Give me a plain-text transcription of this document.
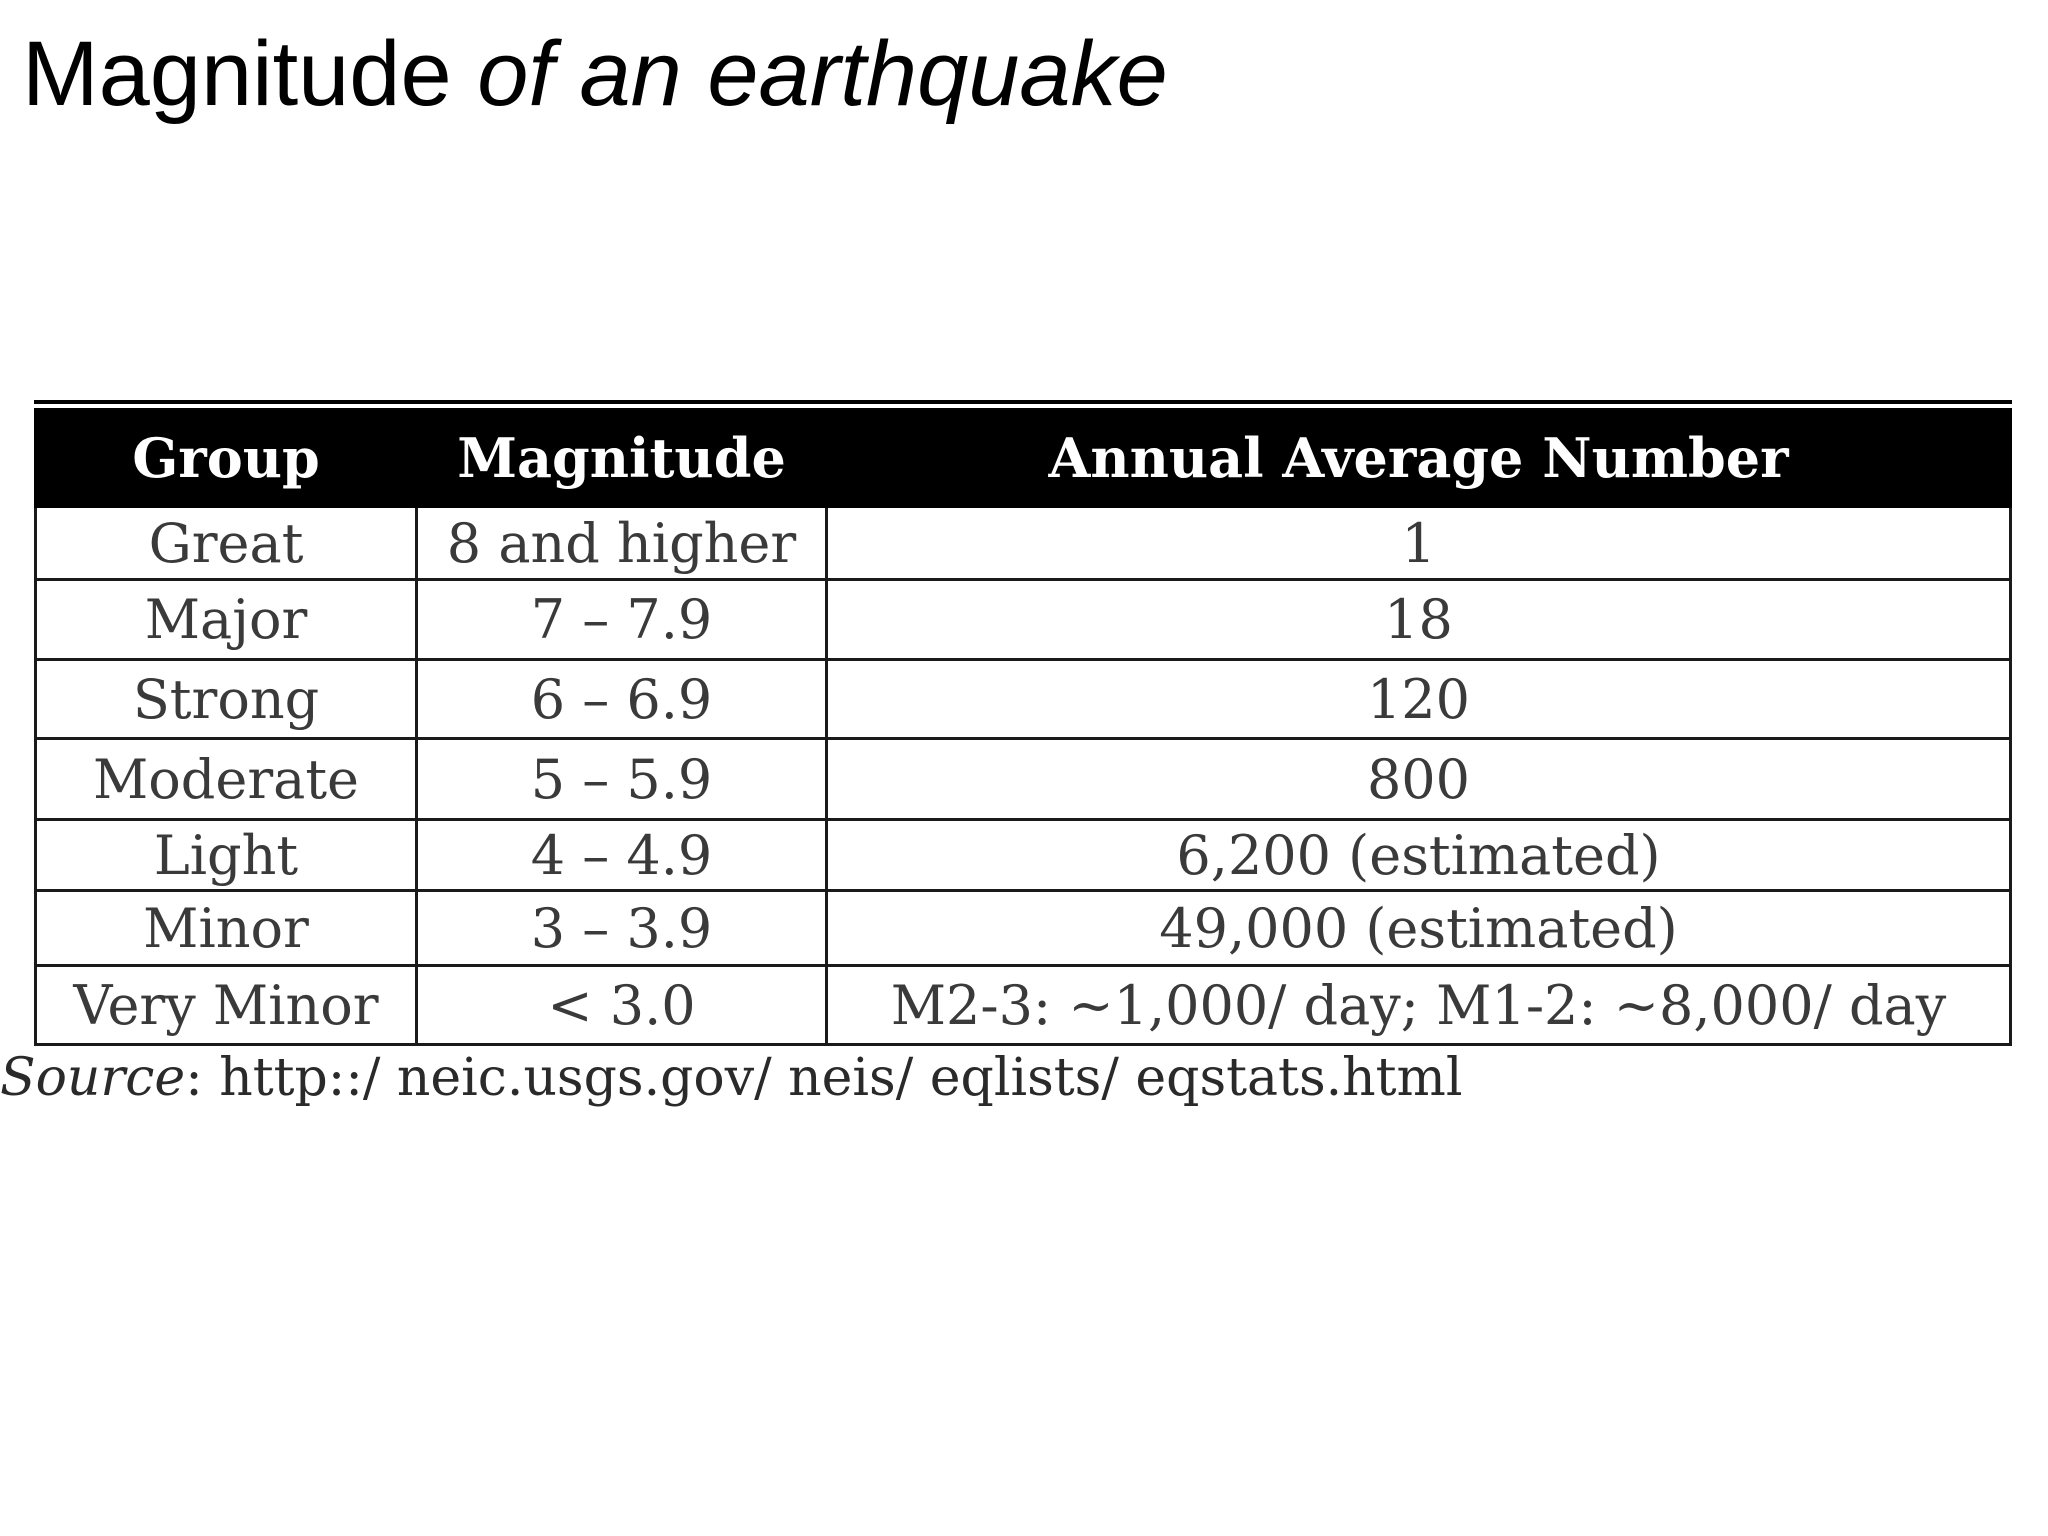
Magnitude of an earthquake
Group	Magnitude	Annual Average Number
Great	8 and higher	1
Major	7 – 7.9	18
Strong	6 – 6.9	120
Moderate	5 – 5.9	800
Light	4 – 4.9	6,200 (estimated)
Minor	3 – 3.9	49,000 (estimated)
Very Minor	< 3.0	M2-3: ~1,000/ day; M1-2: ~8,000/ day

Source: http::/ neic.usgs.gov/ neis/ eqlists/ eqstats.html
